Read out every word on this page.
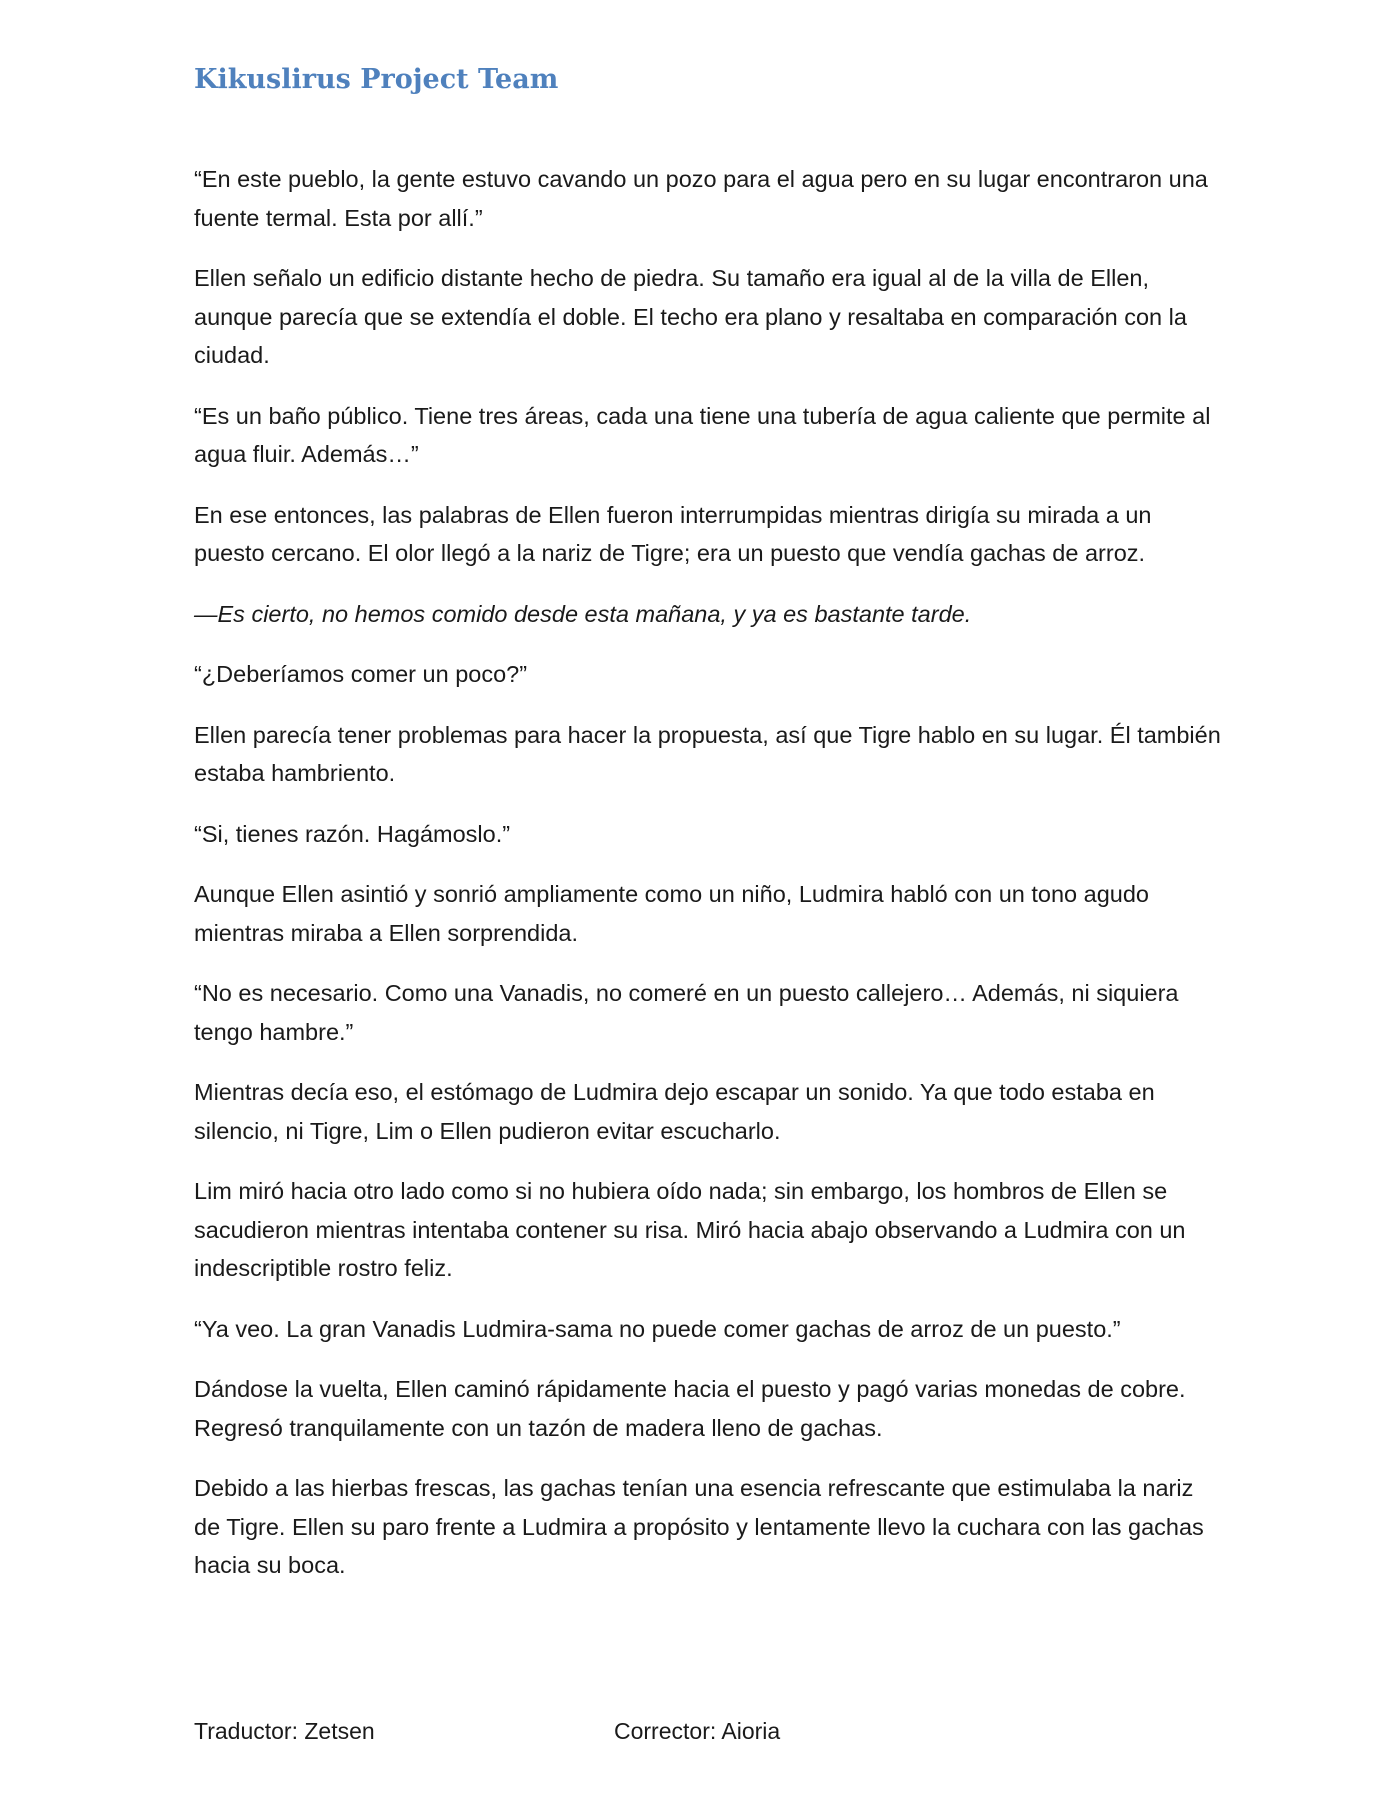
Kikuslirus Project Team

“En este pueblo, la gente estuvo cavando un pozo para el agua pero en su lugar encontraron una fuente termal. Esta por allí.”

Ellen señalo un edificio distante hecho de piedra. Su tamaño era igual al de la villa de Ellen, aunque parecía que se extendía el doble. El techo era plano y resaltaba en comparación con la ciudad.

“Es un baño público. Tiene tres áreas, cada una tiene una tubería de agua caliente que permite al agua fluir. Además…”

En ese entonces, las palabras de Ellen fueron interrumpidas mientras dirigía su mirada a un puesto cercano. El olor llegó a la nariz de Tigre; era un puesto que vendía gachas de arroz.

—Es cierto, no hemos comido desde esta mañana, y ya es bastante tarde.

“¿Deberíamos comer un poco?”

Ellen parecía tener problemas para hacer la propuesta, así que Tigre hablo en su lugar. Él también estaba hambriento.

“Si, tienes razón. Hagámoslo.”

Aunque Ellen asintió y sonrió ampliamente como un niño, Ludmira habló con un tono agudo mientras miraba a Ellen sorprendida.

“No es necesario. Como una Vanadis, no comeré en un puesto callejero… Además, ni siquiera tengo hambre.”

Mientras decía eso, el estómago de Ludmira dejo escapar un sonido. Ya que todo estaba en silencio, ni Tigre, Lim o Ellen pudieron evitar escucharlo.

Lim miró hacia otro lado como si no hubiera oído nada; sin embargo, los hombros de Ellen se sacudieron mientras intentaba contener su risa. Miró hacia abajo observando a Ludmira con un indescriptible rostro feliz.

“Ya veo. La gran Vanadis Ludmira-sama no puede comer gachas de arroz de un puesto.”

Dándose la vuelta, Ellen caminó rápidamente hacia el puesto y pagó varias monedas de cobre. Regresó tranquilamente con un tazón de madera lleno de gachas.

Debido a las hierbas frescas, las gachas tenían una esencia refrescante que estimulaba la nariz de Tigre. Ellen su paro frente a Ludmira a propósito y lentamente llevo la cuchara con las gachas hacia su boca.

Traductor: Zetsen	Corrector: Aioria
